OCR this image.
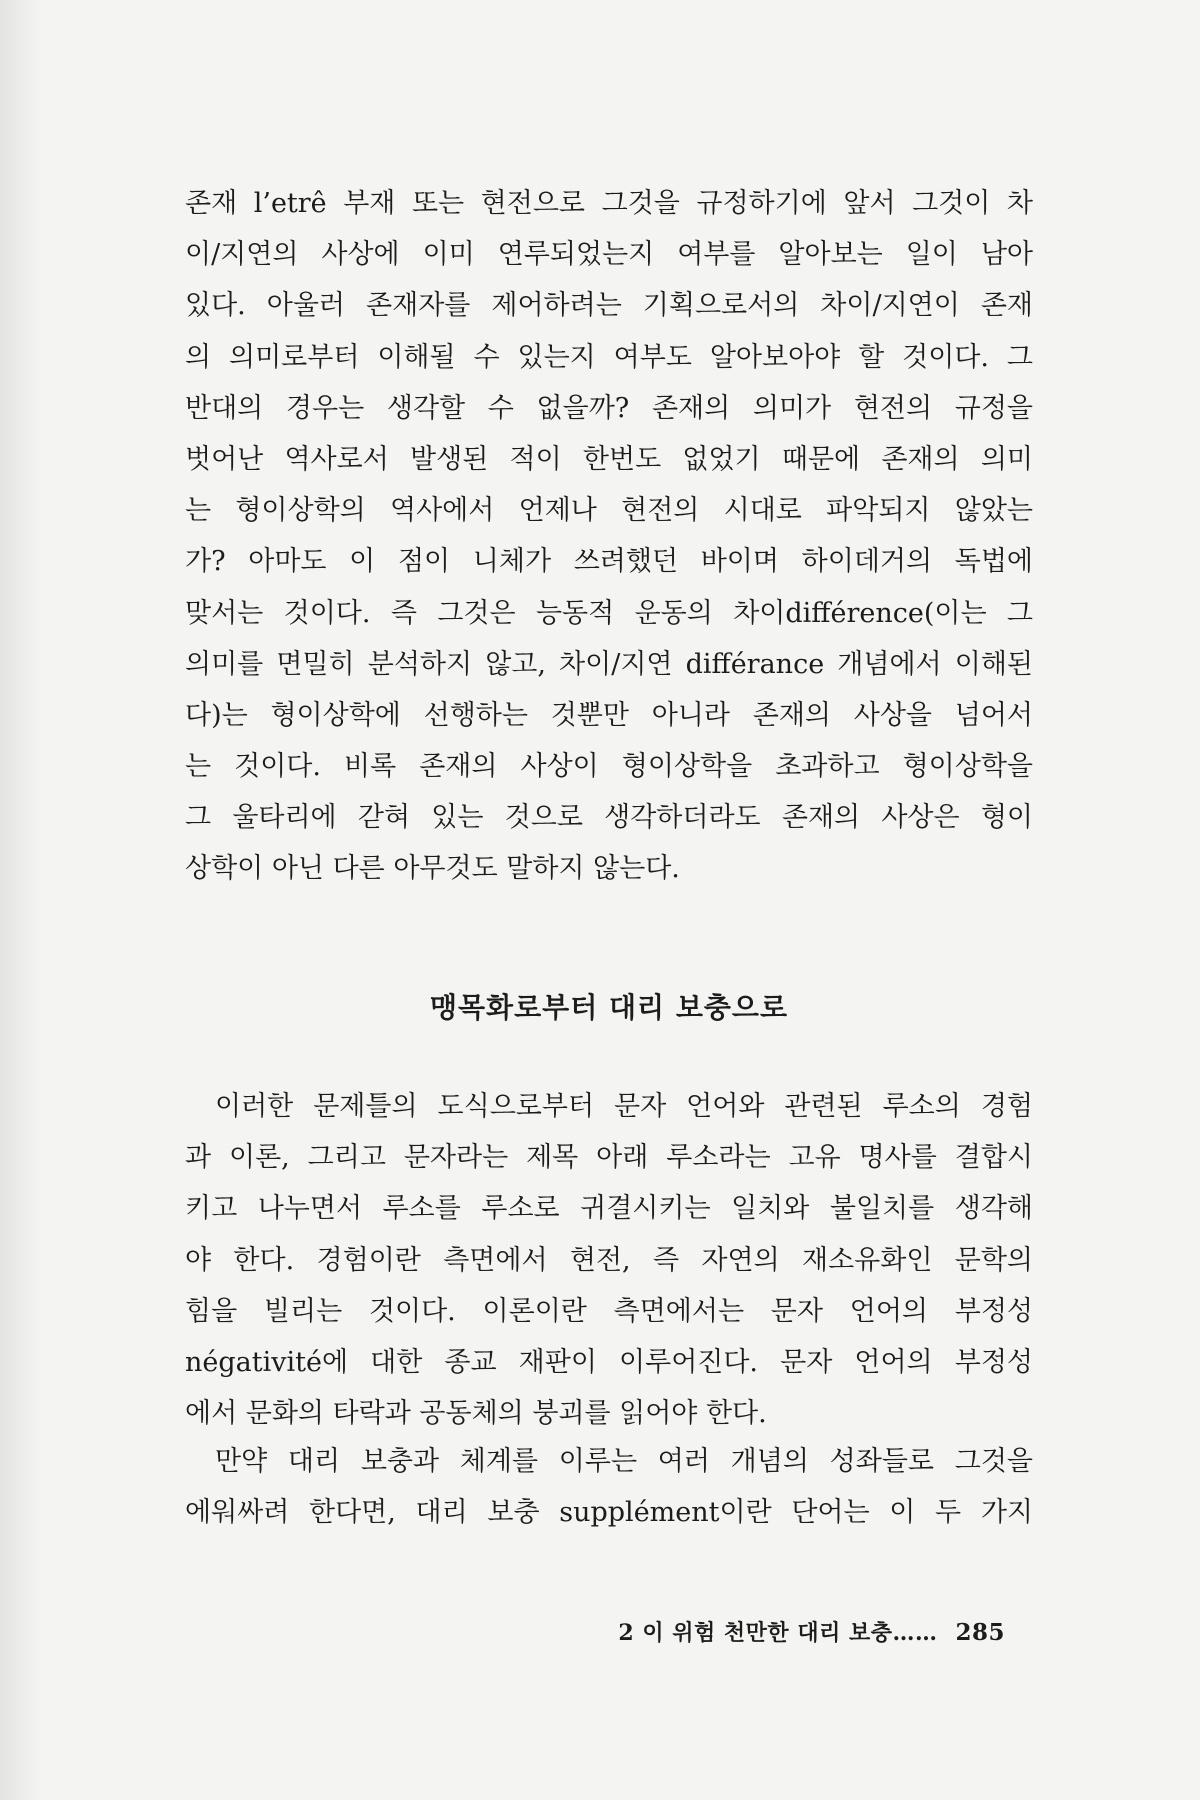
존재 l’etrê 부재 또는 현전으로 그것을 규정하기에 앞서 그것이 차
이/지연의 사상에 이미 연루되었는지 여부를 알아보는 일이 남아
있다. 아울러 존재자를 제어하려는 기획으로서의 차이/지연이 존재
의 의미로부터 이해될 수 있는지 여부도 알아보아야 할 것이다. 그
반대의 경우는 생각할 수 없을까? 존재의 의미가 현전의 규정을
벗어난 역사로서 발생된 적이 한번도 없었기 때문에 존재의 의미
는 형이상학의 역사에서 언제나 현전의 시대로 파악되지 않았는
가? 아마도 이 점이 니체가 쓰려했던 바이며 하이데거의 독법에
맞서는 것이다. 즉 그것은 능동적 운동의 차이différence(이는 그
의미를 면밀히 분석하지 않고, 차이/지연 différance 개념에서 이해된
다)는 형이상학에 선행하는 것뿐만 아니라 존재의 사상을 넘어서
는 것이다. 비록 존재의 사상이 형이상학을 초과하고 형이상학을
그 울타리에 갇혀 있는 것으로 생각하더라도 존재의 사상은 형이
상학이 아닌 다른 아무것도 말하지 않는다.

맹목화로부터 대리 보충으로

이러한 문제틀의 도식으로부터 문자 언어와 관련된 루소의 경험
과 이론, 그리고 문자라는 제목 아래 루소라는 고유 명사를 결합시
키고 나누면서 루소를 루소로 귀결시키는 일치와 불일치를 생각해
야 한다. 경험이란 측면에서 현전, 즉 자연의 재소유화인 문학의
힘을 빌리는 것이다. 이론이란 측면에서는 문자 언어의 부정성
négativité에 대한 종교 재판이 이루어진다. 문자 언어의 부정성
에서 문화의 타락과 공동체의 붕괴를 읽어야 한다.

만약 대리 보충과 체계를 이루는 여러 개념의 성좌들로 그것을
에워싸려 한다면, 대리 보충 supplément이란 단어는 이 두 가지

2 이 위험 천만한 대리 보충…… 285
